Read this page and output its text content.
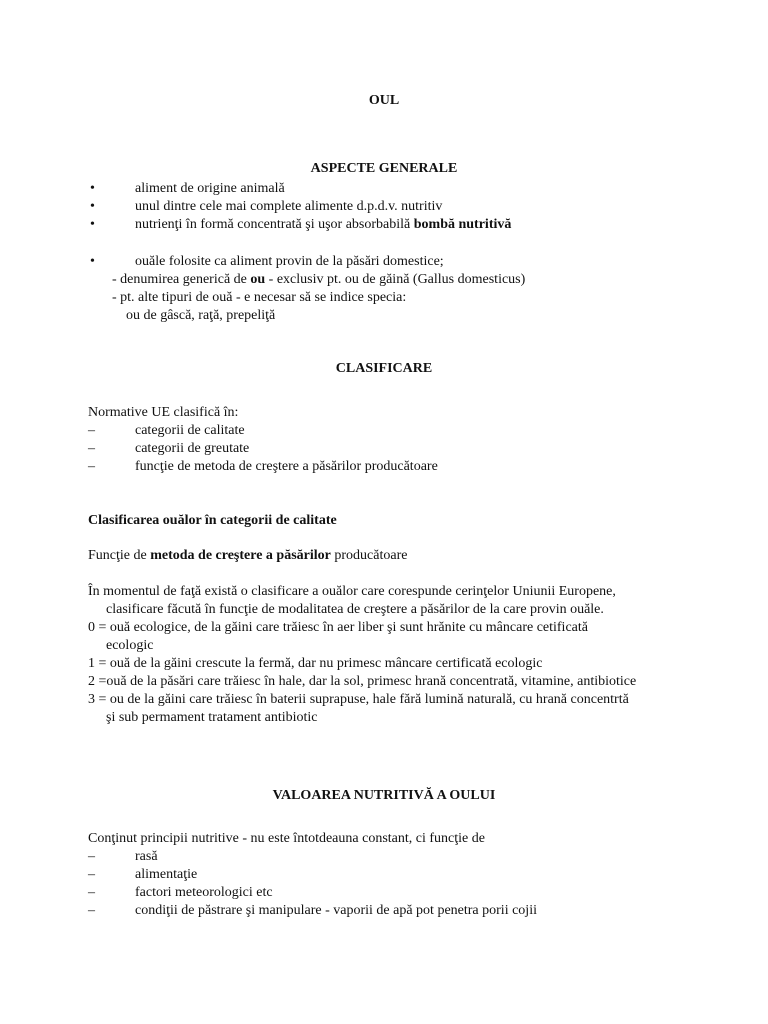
OUL
ASPECTE GENERALE
•	aliment de origine animală
•	unul dintre cele mai complete alimente d.p.d.v. nutritiv
•	nutrienţi în formă concentrată şi uşor absorbabilă bombă nutritivă
•	ouăle folosite ca aliment provin de la păsări domestice;
- denumirea generică de ou - exclusiv pt. ou de găină (Gallus domesticus)
- pt. alte tipuri de ouă - e necesar să se indice specia:
ou de gâscă, raţă, prepeliţă
CLASIFICARE
Normative UE clasifică în:
–	categorii de calitate
–	categorii de greutate
–	funcţie de metoda de creştere a păsărilor producătoare
Clasificarea ouălor în categorii de calitate
Funcţie de metoda de creştere a păsărilor producătoare
În momentul de faţă există o clasificare a ouălor care corespunde cerinţelor Uniunii Europene,
clasificare făcută în funcţie de modalitatea de creştere a păsărilor de la care provin ouăle.
0 = ouă ecologice, de la găini care trăiesc în aer liber şi sunt hrănite cu mâncare cetificată
ecologic
1 = ouă de la găini crescute la fermă, dar nu primesc mâncare certificată ecologic
2 =ouă de la păsări care trăiesc în hale, dar la sol, primesc hrană concentrată, vitamine, antibiotice
3 = ou de la găini care trăiesc în baterii suprapuse, hale fără lumină naturală, cu hrană concentrtă
şi sub permament tratament antibiotic
VALOAREA NUTRITIVĂ A OULUI
Conţinut principii nutritive - nu este întotdeauna constant, ci funcţie de
–	rasă
–	alimentaţie
–	factori meteorologici etc
–	condiţii de păstrare şi manipulare - vaporii de apă pot penetra porii cojii
